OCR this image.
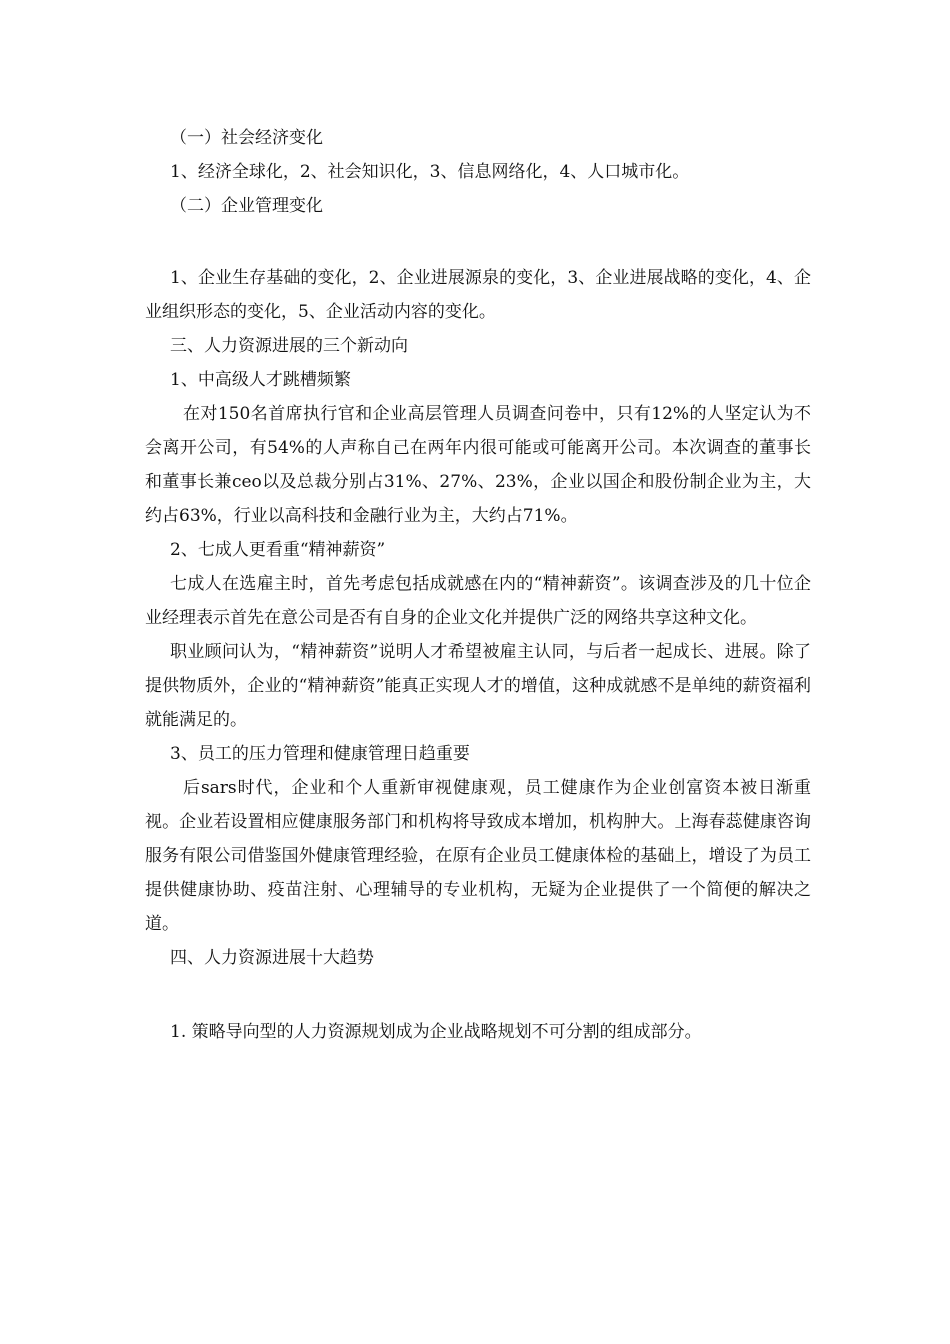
（一）社会经济变化

1、经济全球化，2、社会知识化，3、信息网络化，4、人口城市化。

（二）企业管理变化

1、企业生存基础的变化，2、企业进展源泉的变化，3、企业进展战略的变化，4、企业组织形态的变化，5、企业活动内容的变化。

三、人力资源进展的三个新动向

1、中高级人才跳槽频繁

在对150名首席执行官和企业高层管理人员调查问卷中，只有12%的人坚定认为不会离开公司，有54%的人声称自己在两年内很可能或可能离开公司。本次调查的董事长和董事长兼ceo以及总裁分别占31%、27%、23%，企业以国企和股份制企业为主，大约占63%，行业以高科技和金融行业为主，大约占71%。

2、七成人更看重“精神薪资”

七成人在选雇主时，首先考虑包括成就感在内的“精神薪资”。该调查涉及的几十位企业经理表示首先在意公司是否有自身的企业文化并提供广泛的网络共享这种文化。

职业顾问认为，“精神薪资”说明人才希望被雇主认同，与后者一起成长、进展。除了提供物质外，企业的“精神薪资”能真正实现人才的增值，这种成就感不是单纯的薪资福利就能满足的。

3、员工的压力管理和健康管理日趋重要

后sars时代，企业和个人重新审视健康观，员工健康作为企业创富资本被日渐重视。企业若设置相应健康服务部门和机构将导致成本增加，机构肿大。上海春蕊健康咨询服务有限公司借鉴国外健康管理经验，在原有企业员工健康体检的基础上，增设了为员工提供健康协助、疫苗注射、心理辅导的专业机构，无疑为企业提供了一个简便的解决之道。

四、人力资源进展十大趋势

1. 策略导向型的人力资源规划成为企业战略规划不可分割的组成部分。
